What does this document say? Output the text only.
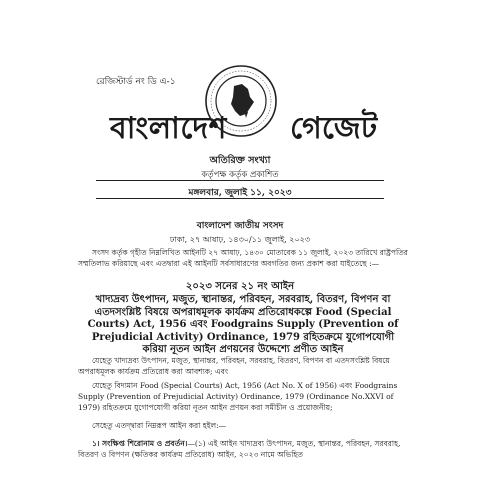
রেজিস্টার্ড নং ডি এ-১
বাংলাদেশ গেজেট
অতিরিক্ত সংখ্যা
কর্তৃপক্ষ কর্তৃক প্রকাশিত
মঙ্গলবার, জুলাই ১১, ২০২৩
বাংলাদেশ জাতীয় সংসদ
ঢাকা, ২৭ আষাঢ়, ১৪৩০/১১ জুলাই, ২০২৩
সংসদ কর্তৃক গৃহীত নিম্নলিখিত আইনটি ২৭ আষাঢ়, ১৪৩০ মোতাবেক ১১ জুলাই, ২০২৩ তারিখে রাষ্ট্রপতির সম্মতিলাভ করিয়াছে এবং এতদ্বারা এই আইনটি সর্বসাধারণের অবগতির জন্য প্রকাশ করা যাইতেছে :—
২০২৩ সনের ২১ নং আইন
খাদ্যদ্রব্য উৎপাদন, মজুত, স্থানান্তর, পরিবহন, সরবরাহ, বিতরণ, বিপণন বা এতদসংশ্লিষ্ট বিষয়ে অপরাধমূলক কার্যক্রম প্রতিরোধকল্পে Food (Special Courts) Act, 1956 এবং Foodgrains Supply (Prevention of Prejudicial Activity) Ordinance, 1979 রহিতক্রমে যুগোপযোগী করিয়া নূতন আইন প্রণয়নের উদ্দেশ্যে প্রণীত আইন
যেহেতু খাদ্যদ্রব্য উৎপাদন, মজুত, স্থানান্তর, পরিবহন, সরবরাহ, বিতরণ, বিপণন বা এতদসংশ্লিষ্ট বিষয়ে অপরাধমূলক কার্যক্রম প্রতিরোধ করা আবশ্যক; এবং
যেহেতু বিদ্যমান Food (Special Courts) Act, 1956 (Act No. X of 1956) এবং Foodgrains Supply (Prevention of Prejudicial Activity) Ordinance, 1979 (Ordinance No.XXVI of 1979) রহিতক্রমে যুগোপযোগী করিয়া নূতন আইন প্রণয়ন করা সমীচীন ও প্রয়োজনীয়;
সেহেতু এতদ্দ্বারা নিম্নরূপ আইন করা হইল:—
১। সংক্ষিপ্ত শিরোনাম ও প্রবর্তন।—(১) এই আইন খাদ্যদ্রব্য উৎপাদন, মজুত, স্থানান্তর, পরিবহন, সরবরাহ, বিতরণ ও বিপণন (ক্ষতিকর কার্যক্রম প্রতিরোধ) আইন, ২০২৩ নামে অভিহিত
